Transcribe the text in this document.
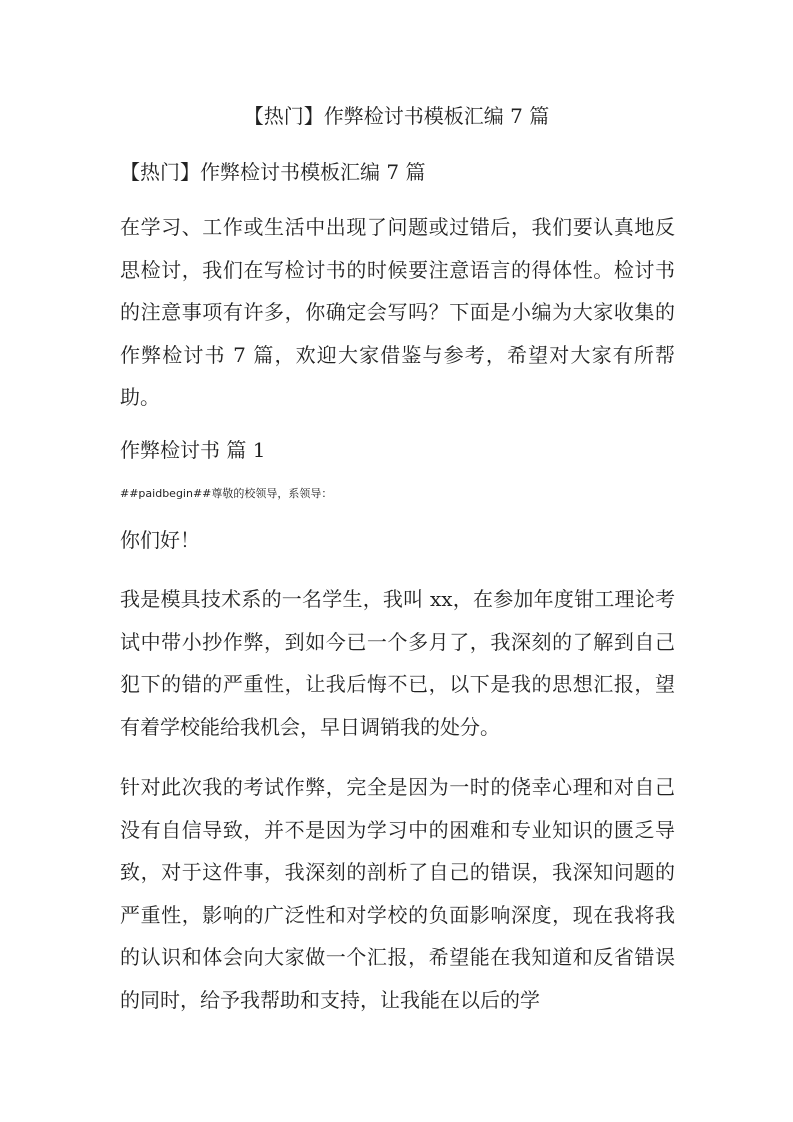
【热门】作弊检讨书模板汇编 7 篇
【热门】作弊检讨书模板汇编 7 篇

在学习、工作或生活中出现了问题或过错后，我们要认真地反思检讨，我们在写检讨书的时候要注意语言的得体性。检讨书的注意事项有许多，你确定会写吗？下面是小编为大家收集的作弊检讨书 7 篇，欢迎大家借鉴与参考，希望对大家有所帮助。

作弊检讨书 篇 1
##paidbegin##尊敬的校领导，系领导：
你们好！

我是模具技术系的一名学生，我叫 xx，在参加年度钳工理论考试中带小抄作弊，到如今已一个多月了，我深刻的了解到自己犯下的错的严重性，让我后悔不已，以下是我的思想汇报，望有着学校能给我机会，早日调销我的处分。

针对此次我的考试作弊，完全是因为一时的侥幸心理和对自己没有自信导致，并不是因为学习中的困难和专业知识的匮乏导致，对于这件事，我深刻的剖析了自己的错误，我深知问题的严重性，影响的广泛性和对学校的负面影响深度，现在我将我的认识和体会向大家做一个汇报，希望能在我知道和反省错误的同时，给予我帮助和支持，让我能在以后的学
